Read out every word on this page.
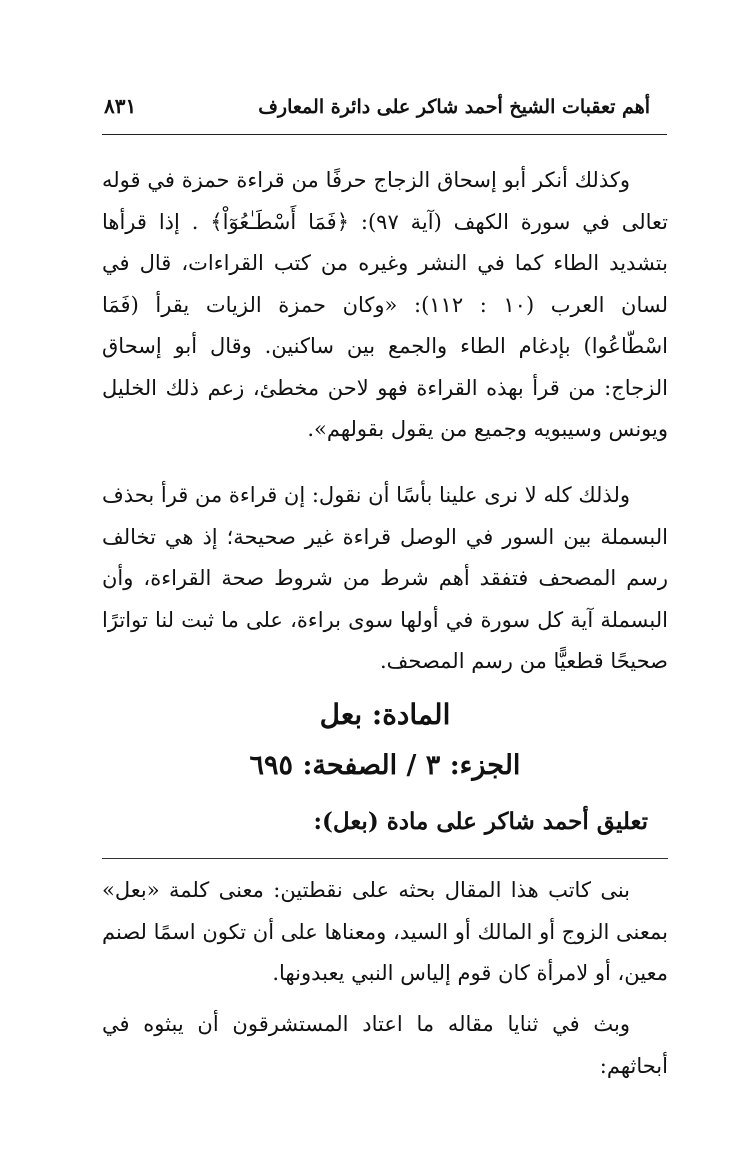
أهم تعقبات الشيخ أحمد شاكر على دائرة المعارف
٨٣١

وكذلك أنكر أبو إسحاق الزجاج حرفًا من قراءة حمزة في قوله تعالى في سورة الكهف (آية ٩٧): ﴿فَمَا أَسْطَـٰعُوٓاْ﴾ . إذا قرأها بتشديد الطاء كما في النشر وغيره من كتب القراءات، قال في لسان العرب (١٠ : ١١٢): «وكان حمزة الزيات يقرأ (فَمَا اسْطّاعُوا) بإدغام الطاء والجمع بين ساكنين. وقال أبو إسحاق الزجاج: من قرأ بهذه القراءة فهو لاحن مخطئ، زعم ذلك الخليل ويونس وسيبويه وجميع من يقول بقولهم».

ولذلك كله لا نرى علينا بأسًا أن نقول: إن قراءة من قرأ بحذف البسملة بين السور في الوصل قراءة غير صحيحة؛ إذ هي تخالف رسم المصحف فتفقد أهم شرط من شروط صحة القراءة، وأن البسملة آية كل سورة في أولها سوى براءة، على ما ثبت لنا تواترًا صحيحًا قطعيًّا من رسم المصحف.

المادة: بعل
الجزء: ٣ / الصفحة: ٦٩٥
تعليق أحمد شاكر على مادة (بعل):

بنى كاتب هذا المقال بحثه على نقطتين: معنى كلمة «بعل» بمعنى الزوج أو المالك أو السيد، ومعناها على أن تكون اسمًا لصنم معين، أو لامرأة كان قوم إلياس النبي يعبدونها.

وبث في ثنايا مقاله ما اعتاد المستشرقون أن يبثوه في أبحاثهم:
